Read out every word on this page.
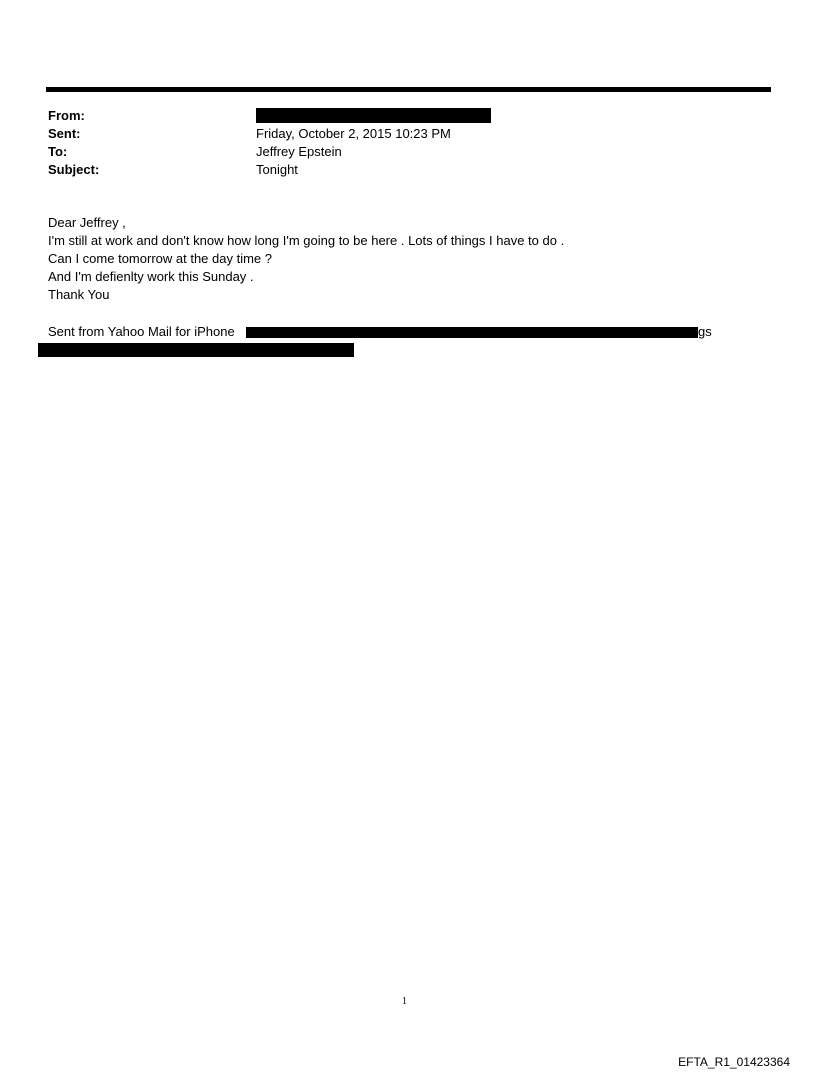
From:
Sent:	Friday, October 2, 2015 10:23 PM
To:	Jeffrey Epstein
Subject:	Tonight
Dear Jeffrey ,
I'm still at work and don't know how long I'm going to be here . Lots of things I have to do .
Can I come tomorrow at the day time ?
And I'm defienlty work this Sunday .
Thank You
Sent from Yahoo Mail for iPhone	gs
1
EFTA_R1_01423364
